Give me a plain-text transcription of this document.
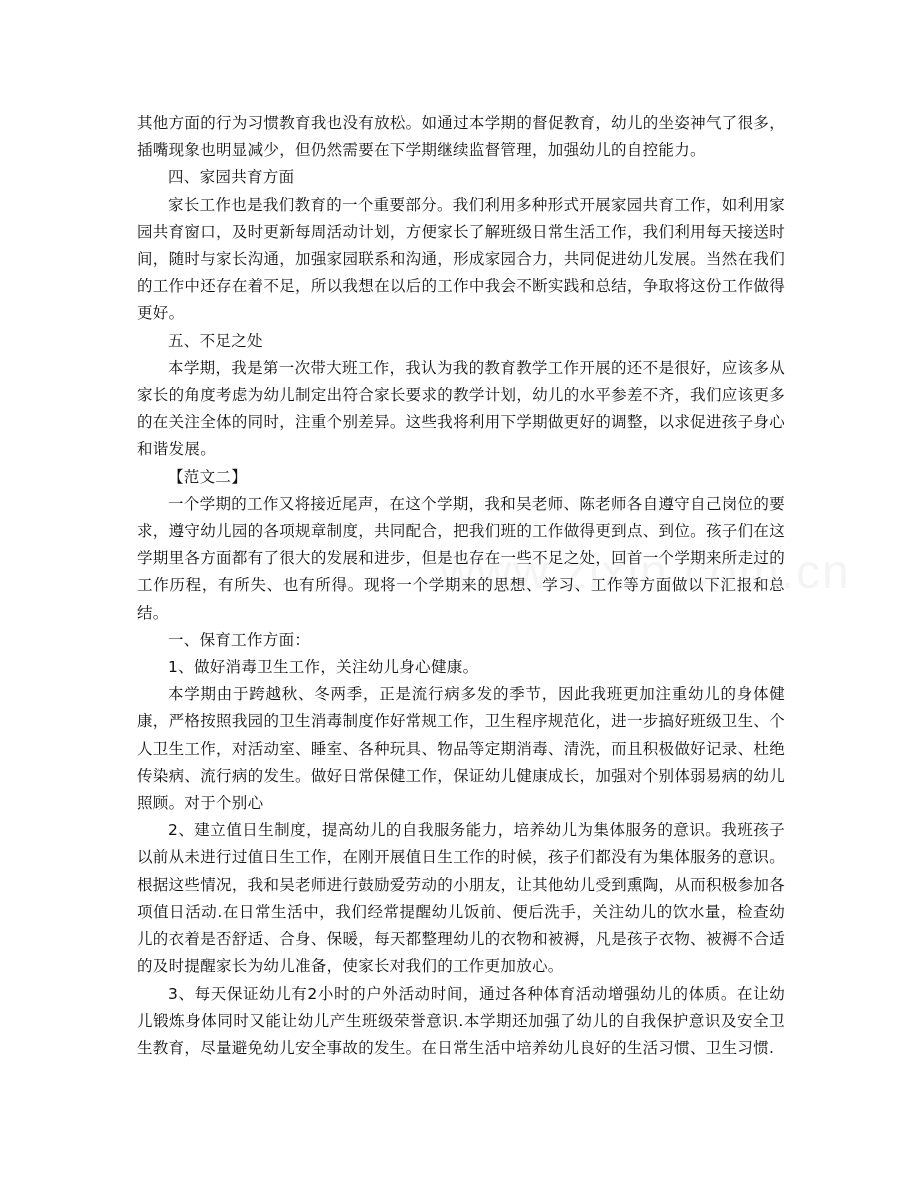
其他方面的行为习惯教育我也没有放松。如通过本学期的督促教育，幼儿的坐姿神气了很多，插嘴现象也明显减少，但仍然需要在下学期继续监督管理，加强幼儿的自控能力。

四、家园共育方面

家长工作也是我们教育的一个重要部分。我们利用多种形式开展家园共育工作，如利用家园共育窗口，及时更新每周活动计划，方便家长了解班级日常生活工作，我们利用每天接送时间，随时与家长沟通，加强家园联系和沟通，形成家园合力，共同促进幼儿发展。当然在我们的工作中还存在着不足，所以我想在以后的工作中我会不断实践和总结，争取将这份工作做得更好。

五、不足之处

本学期，我是第一次带大班工作，我认为我的教育教学工作开展的还不是很好，应该多从家长的角度考虑为幼儿制定出符合家长要求的教学计划，幼儿的水平参差不齐，我们应该更多的在关注全体的同时，注重个别差异。这些我将利用下学期做更好的调整，以求促进孩子身心和谐发展。

【范文二】

一个学期的工作又将接近尾声，在这个学期，我和吴老师、陈老师各自遵守自己岗位的要求，遵守幼儿园的各项规章制度，共同配合，把我们班的工作做得更到点、到位。孩子们在这学期里各方面都有了很大的发展和进步，但是也存在一些不足之处，回首一个学期来所走过的工作历程，有所失、也有所得。现将一个学期来的思想、学习、工作等方面做以下汇报和总结。

一、保育工作方面：

1、做好消毒卫生工作，关注幼儿身心健康。

本学期由于跨越秋、冬两季，正是流行病多发的季节，因此我班更加注重幼儿的身体健康，严格按照我园的卫生消毒制度作好常规工作，卫生程序规范化，进一步搞好班级卫生、个人卫生工作，对活动室、睡室、各种玩具、物品等定期消毒、清洗，而且积极做好记录、杜绝传染病、流行病的发生。做好日常保健工作，保证幼儿健康成长，加强对个别体弱易病的幼儿照顾。对于个别心

2、建立值日生制度，提高幼儿的自我服务能力，培养幼儿为集体服务的意识。我班孩子以前从未进行过值日生工作，在刚开展值日生工作的时候，孩子们都没有为集体服务的意识。根据这些情况，我和吴老师进行鼓励爱劳动的小朋友，让其他幼儿受到熏陶，从而积极参加各项值日活动.在日常生活中，我们经常提醒幼儿饭前、便后洗手，关注幼儿的饮水量，检查幼儿的衣着是否舒适、合身、保暖，每天都整理幼儿的衣物和被褥，凡是孩子衣物、被褥不合适的及时提醒家长为幼儿准备，使家长对我们的工作更加放心。

3、每天保证幼儿有2小时的户外活动时间，通过各种体育活动增强幼儿的体质。在让幼儿锻炼身体同时又能让幼儿产生班级荣誉意识.本学期还加强了幼儿的自我保护意识及安全卫生教育，尽量避免幼儿安全事故的发生。在日常生活中培养幼儿良好的生活习惯、卫生习惯.
